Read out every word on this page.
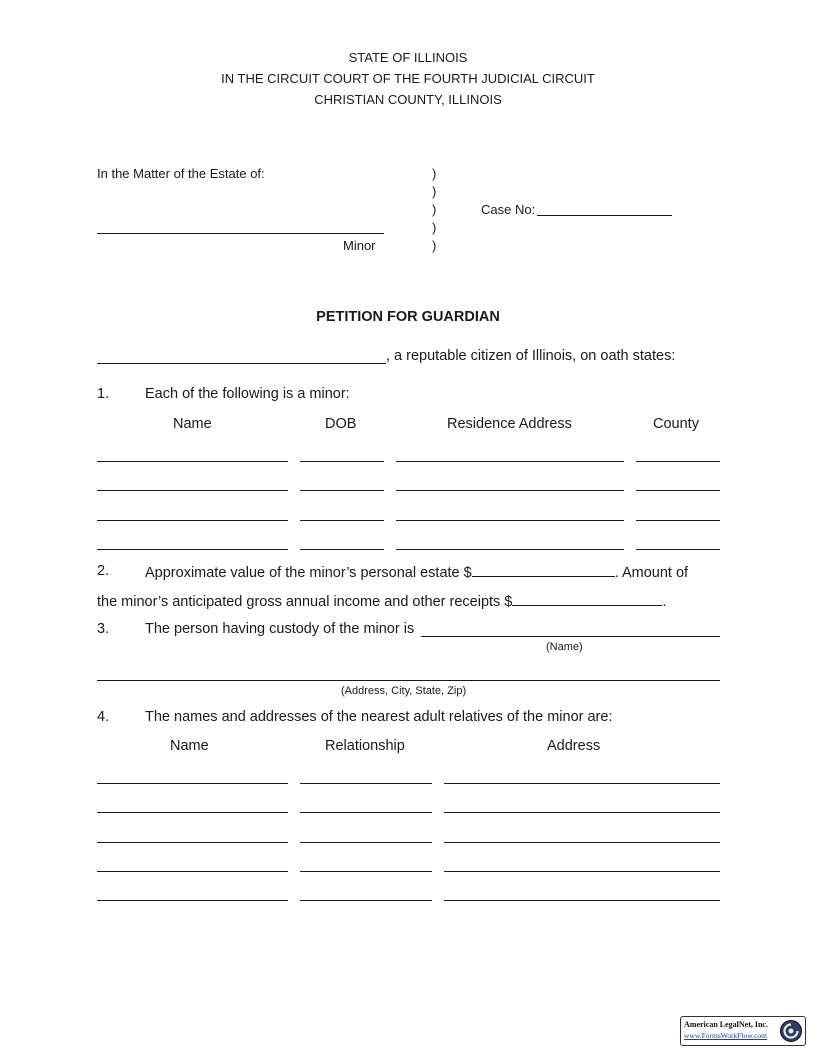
STATE OF ILLINOIS
IN THE CIRCUIT COURT OF THE FOURTH JUDICIAL CIRCUIT
CHRISTIAN COUNTY, ILLINOIS
In the Matter of the Estate of:
Minor
)
)
)
)
)
Case No:
PETITION FOR GUARDIAN
, a reputable citizen of Illinois, on oath states:
1. Each of the following is a minor:
Name	DOB	Residence Address	County
2. Approximate value of the minor’s personal estate $	. Amount of
the minor’s anticipated gross annual income and other receipts $	.
3. The person having custody of the minor is
(Name)
(Address, City, State, Zip)
4. The names and addresses of the nearest adult relatives of the minor are:
Name	Relationship	Address
American LegalNet, Inc.
www.FormsWorkFlow.com
